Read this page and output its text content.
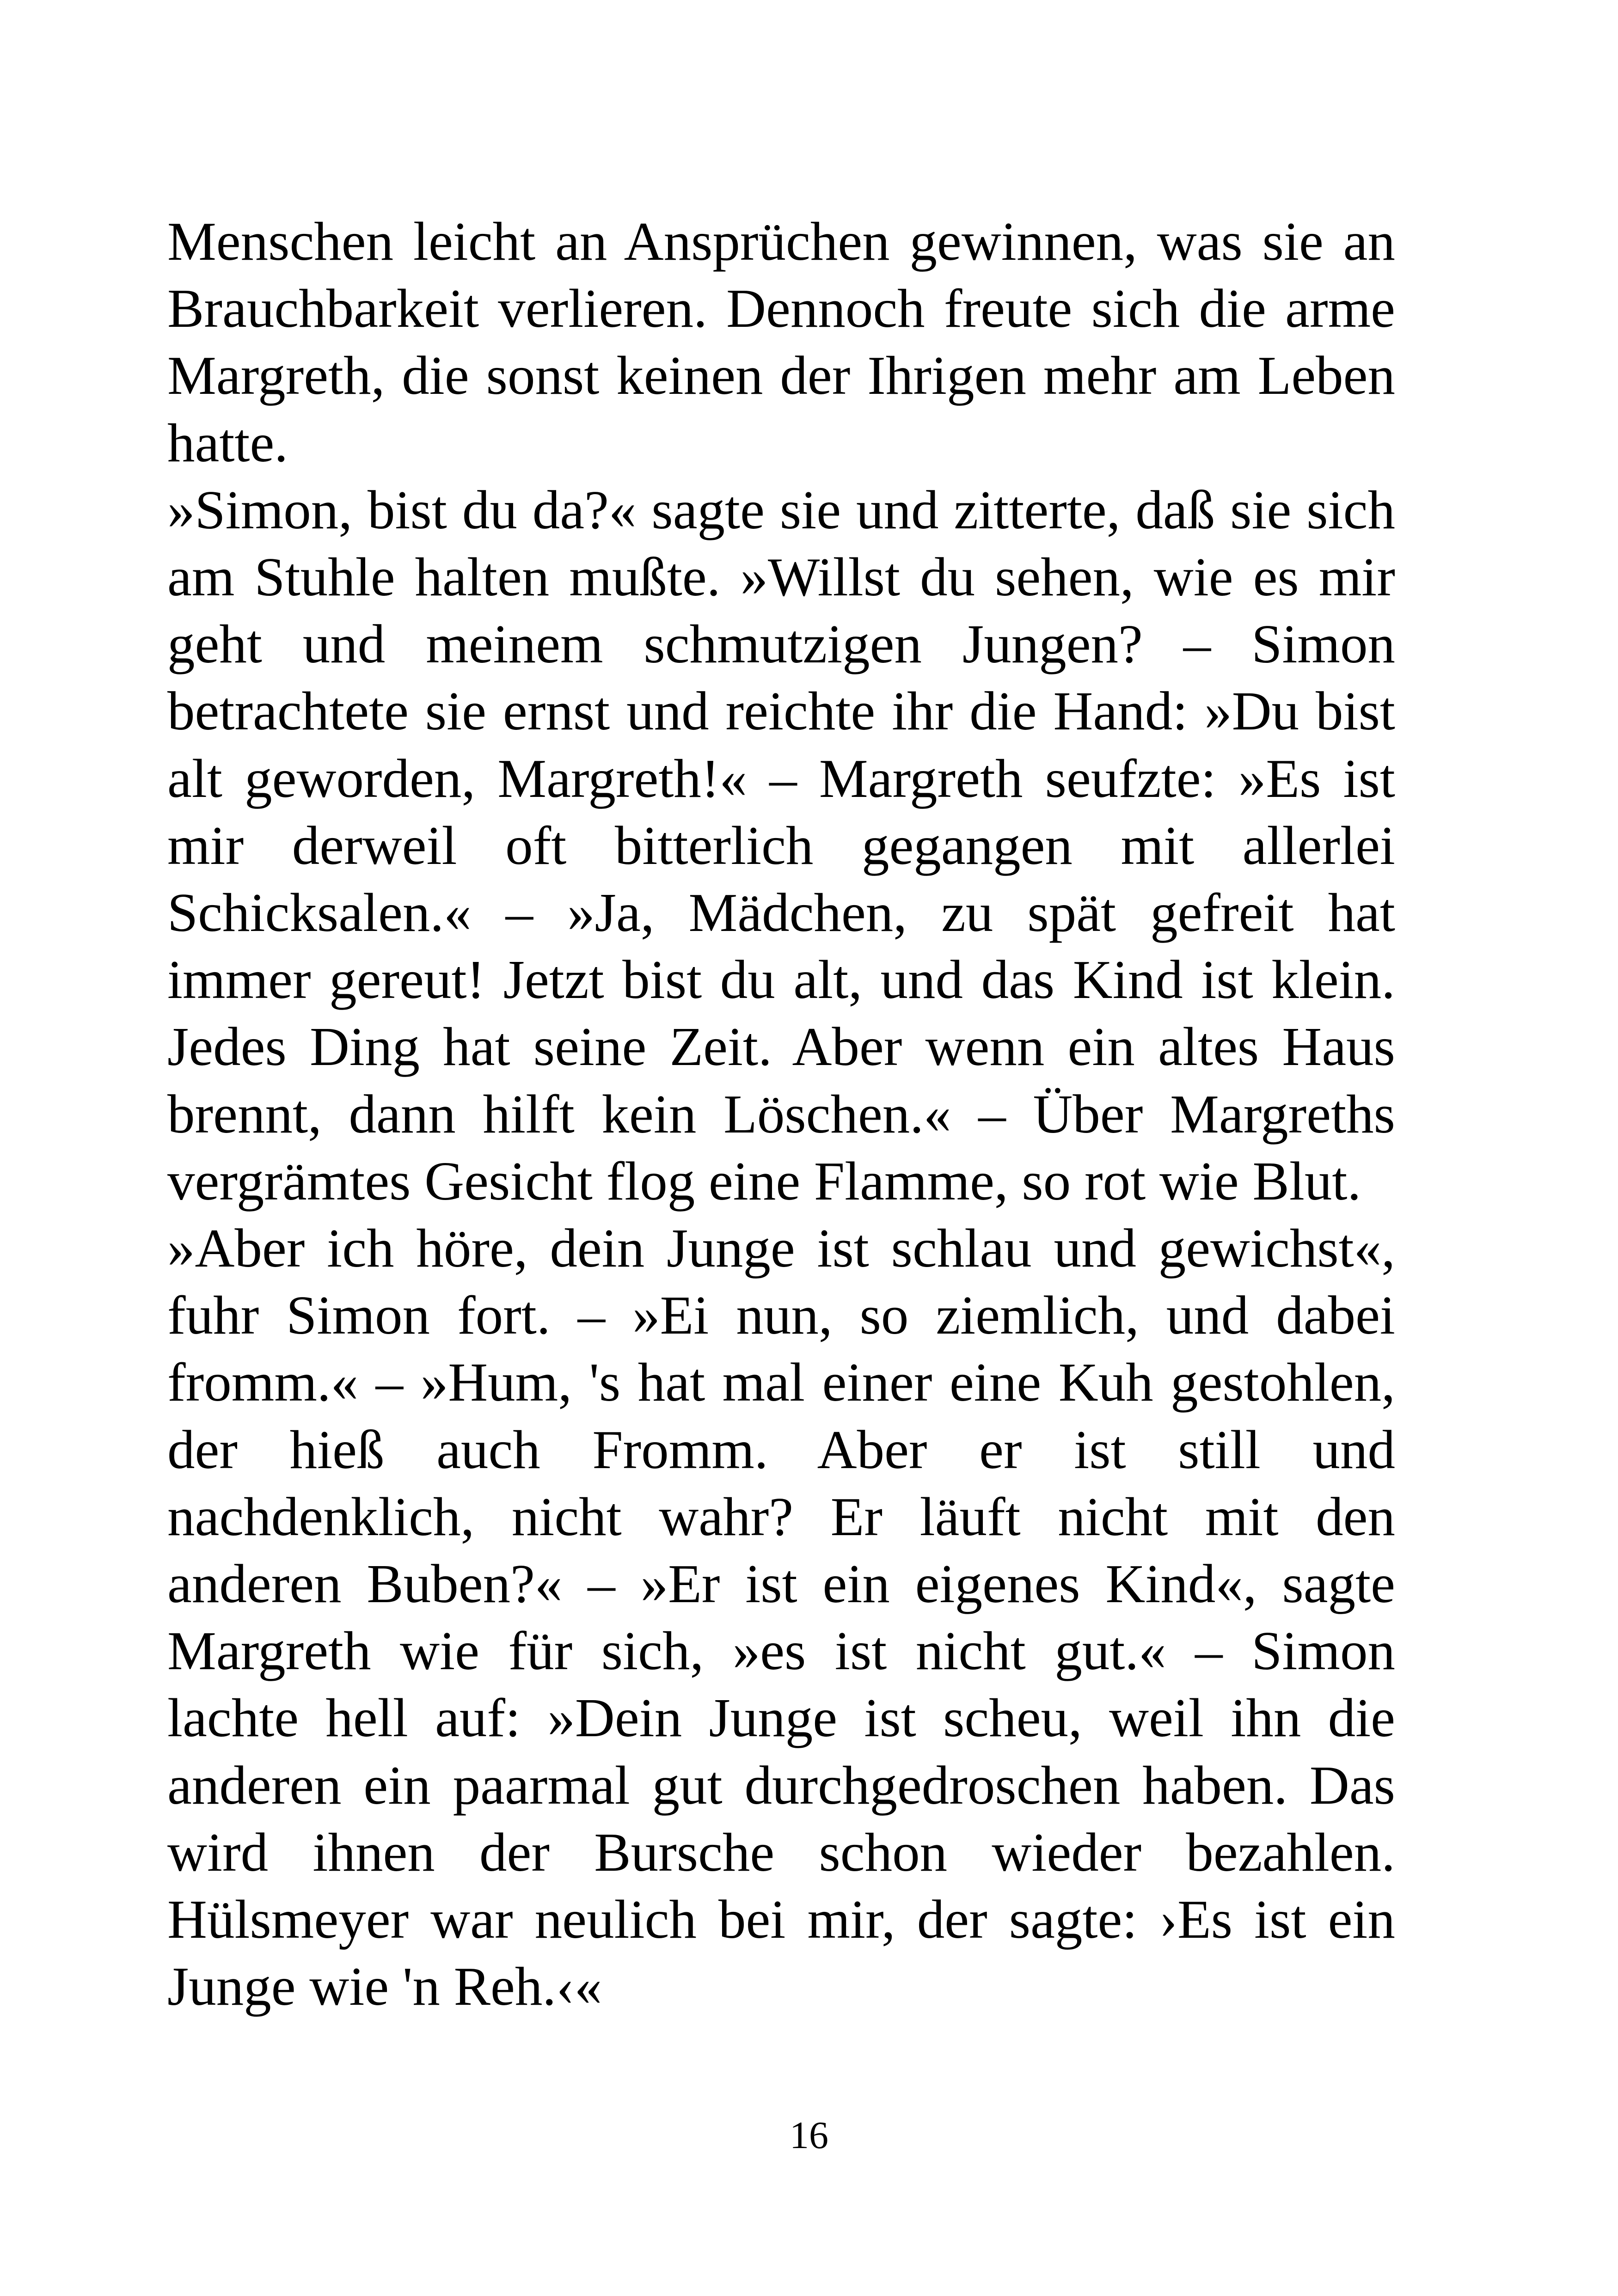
Menschen leicht an Ansprüchen gewinnen, was sie an Brauchbarkeit verlieren. Dennoch freute sich die arme Margreth, die sonst keinen der Ihrigen mehr am Leben hatte.

»Simon, bist du da?« sagte sie und zitterte, daß sie sich am Stuhle halten mußte. »Willst du sehen, wie es mir geht und meinem schmutzigen Jungen? – Simon betrachtete sie ernst und reichte ihr die Hand: »Du bist alt geworden, Margreth!« – Margreth seufzte: »Es ist mir derweil oft bitterlich gegangen mit allerlei Schicksalen.« – »Ja, Mädchen, zu spät gefreit hat immer gereut! Jetzt bist du alt, und das Kind ist klein. Jedes Ding hat seine Zeit. Aber wenn ein altes Haus brennt, dann hilft kein Löschen.« – Über Margreths vergrämtes Gesicht flog eine Flamme, so rot wie Blut.

»Aber ich höre, dein Junge ist schlau und gewichst«, fuhr Simon fort. – »Ei nun, so ziemlich, und dabei fromm.« – »Hum, 's hat mal einer eine Kuh gestohlen, der hieß auch Fromm. Aber er ist still und nachdenklich, nicht wahr? Er läuft nicht mit den anderen Buben?« – »Er ist ein eigenes Kind«, sagte Margreth wie für sich, »es ist nicht gut.« – Simon lachte hell auf: »Dein Junge ist scheu, weil ihn die anderen ein paarmal gut durchgedroschen haben. Das wird ihnen der Bursche schon wieder bezahlen. Hülsmeyer war neulich bei mir, der sagte: ›Es ist ein Junge wie 'n Reh.‹«

16
